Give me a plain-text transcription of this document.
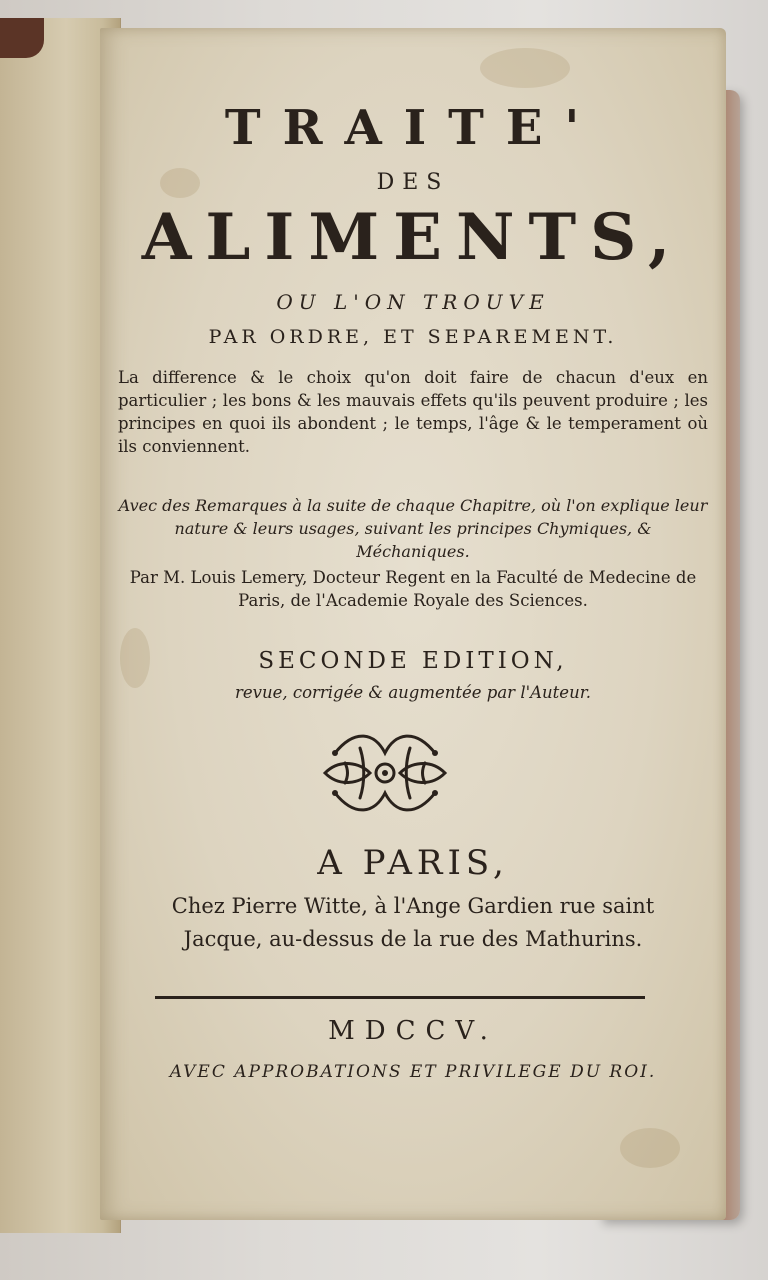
TRAITE'
DES
ALIMENTS,
OU L'ON TROUVE
PAR ORDRE, ET SEPAREMENT.
La difference & le choix qu'on doit faire de chacun d'eux en particulier ; les bons & les mauvais effets qu'ils peuvent produire ; les principes en quoi ils abondent ; le temps, l'âge & le temperament où ils conviennent.
Avec des Remarques à la suite de chaque Chapitre, où l'on explique leur nature & leurs usages, suivant les principes Chymiques, & Méchaniques.
Par M. Louis Lemery, Docteur Regent en la Faculté de Medecine de Paris, de l'Academie Royale des Sciences.
SECONDE EDITION,
revue, corrigée & augmentée par l'Auteur.
A PARIS,
Chez Pierre Witte, à l'Ange Gardien rue saint Jacque, au-dessus de la rue des Mathurins.
MDCCV.
AVEC APPROBATIONS ET PRIVILEGE DU ROI.
